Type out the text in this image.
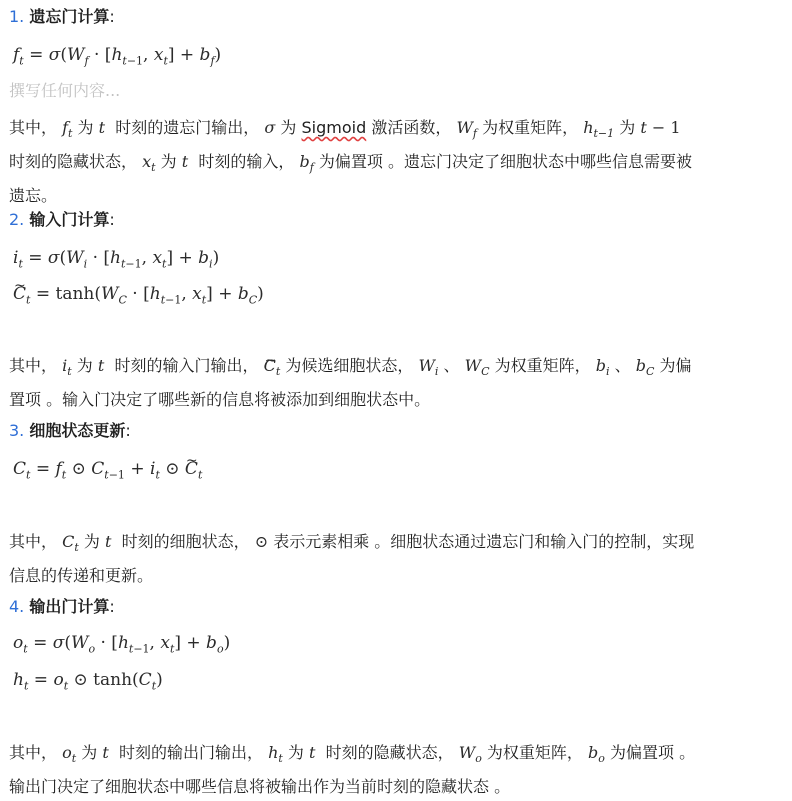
1. 遗忘门计算:
$f_t = \sigma(W_f \cdot [h_{t-1}$, $x_t] + b_f$)
撰写任何内容...
其中， $f_t$ 为 t 时刻的遗忘门输出， σ 为 Sigmoid 激活函数， $W_f$ 为权重矩阵， $h_{t-1}$ 为 t − 1
时刻的隐藏状态， $x_t$ 为 t 时刻的输入， $b_f$ 为偏置项 。遗忘门决定了细胞状态中哪些信息需要被
遗忘。
2. 输入门计算:
$i_t = \sigma(W_i \cdot [h_{t-1}$, $x_t] + b_i$)
~ $C_t = \tanh(W_C \cdot [h_{t-1}$, $x_t] + b_C$)
其中， $i_t$ 为 t 时刻的输入门输出， ~ $C_t$ 为候选细胞状态， $W_i$ 、 $W_C$ 为权重矩阵， $b_i$ 、 $b_C$ 为偏
置项 。输入门决定了哪些新的信息将被添加到细胞状态中。
3. 细胞状态更新:
$C_t = f_t$ ⊙ $C_{t-1} + i_t$ ⊙ ~ $C_t$
其中， $C_t$ 为 t 时刻的细胞状态， ⊙ 表示元素相乘 。细胞状态通过遗忘门和输入门的控制，实现
信息的传递和更新。
4. 输出门计算:
$o_t = \sigma(W_o \cdot [h_{t-1}$, $x_t] + b_o$)
$h_t = o_t$ ⊙ $\tanh(C_t)$
其中， $o_t$ 为 t 时刻的输出门输出， $h_t$ 为 t 时刻的隐藏状态， $W_o$ 为权重矩阵， $b_o$ 为偏置项 。
输出门决定了细胞状态中哪些信息将被输出作为当前时刻的隐藏状态 。
